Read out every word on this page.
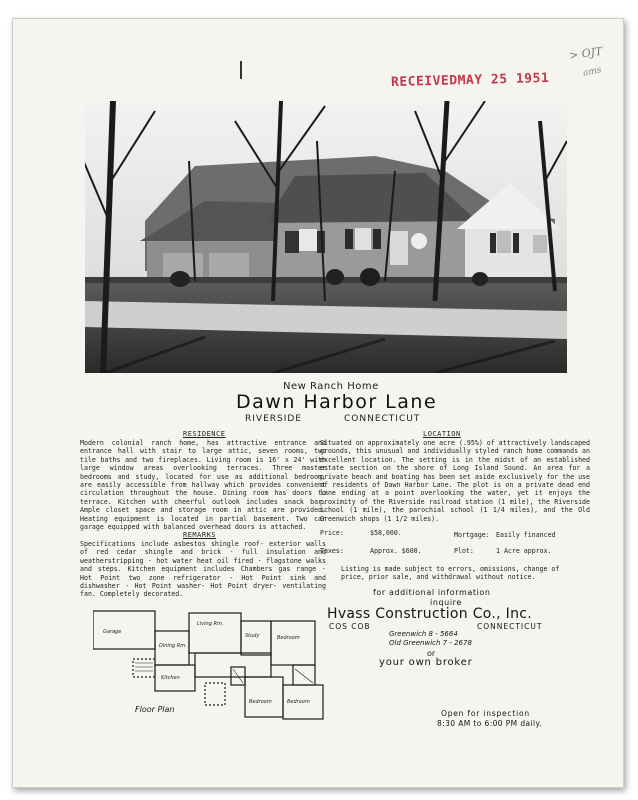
RECEIVEDMAY 25 1951
> OJT
ams
New Ranch Home
Dawn Harbor Lane
RIVERSIDE	CONNECTICUT
RESIDENCE
Modern colonial ranch home, has attractive entrance and entrance hall with stair to large attic, seven rooms, two tile baths and two fireplaces. Living room is 16' x 24' with large window areas overlooking terraces. Three master bedrooms and study, located for use as additional bedroom, are easily accessible from hallway which provides convenient circulation throughout the house. Dining room has doors to terrace. Kitchen with cheerful outlook includes snack bar. Ample closet space and storage room in attic are provided. Heating equipment is located in partial basement. Two car garage equipped with balanced overhead doors is attached.
LOCATION
Situated on approximately one acre (.95%) of attractively landscaped grounds, this unusual and individually styled ranch home commands an excellent location. The setting is in the midst of an established estate section on the shore of Long Island Sound. An area for a private beach and boating has been set aside exclusively for the use of residents of Dawn Harbor Lane. The plot is on a private dead end lane ending at a point overlooking the water, yet it enjoys the proximity of the Riverside railroad station (1 mile), the Riverside school (1 mile), the parochial school (1 1/4 miles), and the Old Greenwich shops (1 1/2 miles).
REMARKS
Specifications include asbestos shingle roof- exterior walls of red cedar shingle and brick - full insulation and weatherstripping - hot water heat oil fired - flagstone walks and steps. Kitchen equipment includes Chambers gas range - Hot Point two zone refrigerator - Hot Point sink and dishwasher - Hot Point washer- Hot Point dryer- ventilating fan. Completely decorated.
Price:	$58,000.	Mortgage: Easily financed
Taxes:	Approx. $600.	Plot:	1 Acre approx.
Listing is made subject to errors, omissions, change of price, prior sale, and withdrawal without notice.
for additional information
inquire
Hvass Construction Co., Inc.
COS COB	CONNECTICUT
Greenwich 8 - 5664
Old Greenwich 7 - 2678
or
your own broker
Open for inspection
8:30 AM to 6:00 PM daily.
Garage
Living Rm.
Dining Rm.
Study	Bedroom
Kitchen
Bedroom	Bedroom
Floor Plan
